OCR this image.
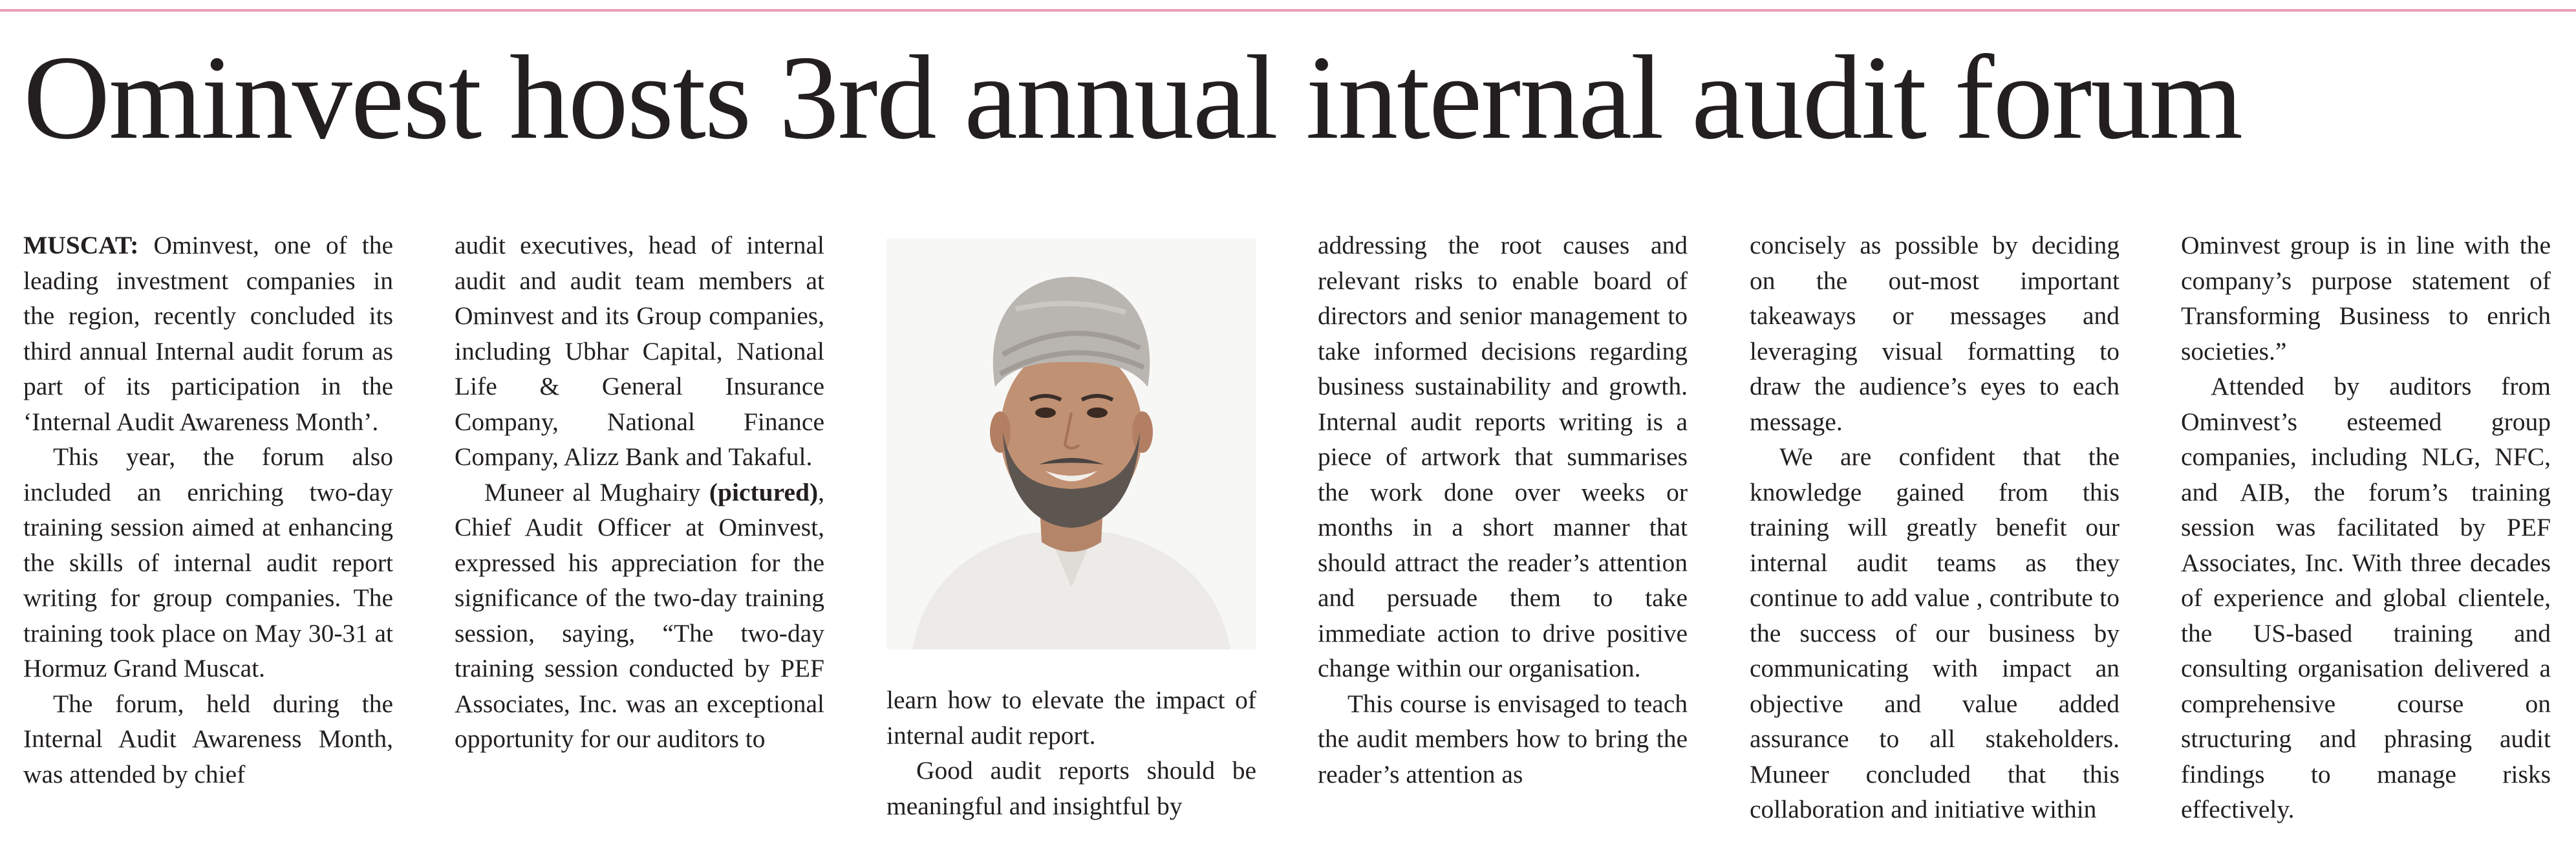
Ominvest hosts 3rd annual internal audit forum

MUSCAT: Ominvest, one of the leading investment companies in the region, recently concluded its third annual Internal audit forum as part of its participation in the ‘Internal Audit Awareness Month’.

This year, the forum also included an enriching two-day training session aimed at enhancing the skills of internal audit report writing for group companies. The training took place on May 30-31 at Hormuz Grand Muscat.

The forum, held during the Internal Audit Awareness Month, was attended by chief

audit executives, head of internal audit and audit team members at Ominvest and its Group companies, including Ubhar Capital, National Life & General Insurance Company, National Finance Company, Alizz Bank and Takaful.

Muneer al Mughairy (pictured), Chief Audit Officer at Ominvest, expressed his appreciation for the significance of the two-day training session, saying, “The two-day training session conducted by PEF Associates, Inc. was an exceptional opportunity for our auditors to

learn how to elevate the impact of internal audit report.

Good audit reports should be meaningful and insightful by

addressing the root causes and relevant risks to enable board of directors and senior management to take informed decisions regarding business sustainability and growth. Internal audit reports writing is a piece of artwork that summarises the work done over weeks or months in a short manner that should attract the reader’s attention and persuade them to take immediate action to drive positive change within our organisation.

This course is envisaged to teach the audit members how to bring the reader’s attention as

concisely as possible by deciding on the out-most important takeaways or messages and leveraging visual formatting to draw the audience’s eyes to each message.

We are confident that the knowledge gained from this training will greatly benefit our internal audit teams as they continue to add value , contribute to the success of our business by communicating with impact an objective and value added assurance to all stakeholders. Muneer concluded that this collaboration and initiative within

Ominvest group is in line with the company’s purpose statement of Transforming Business to enrich societies.”

Attended by auditors from Ominvest’s esteemed group companies, including NLG, NFC, and AIB, the forum’s training session was facilitated by PEF Associates, Inc. With three decades of experience and global clientele, the US-based training and consulting organisation delivered a comprehensive course on structuring and phrasing audit findings to manage risks effectively.
